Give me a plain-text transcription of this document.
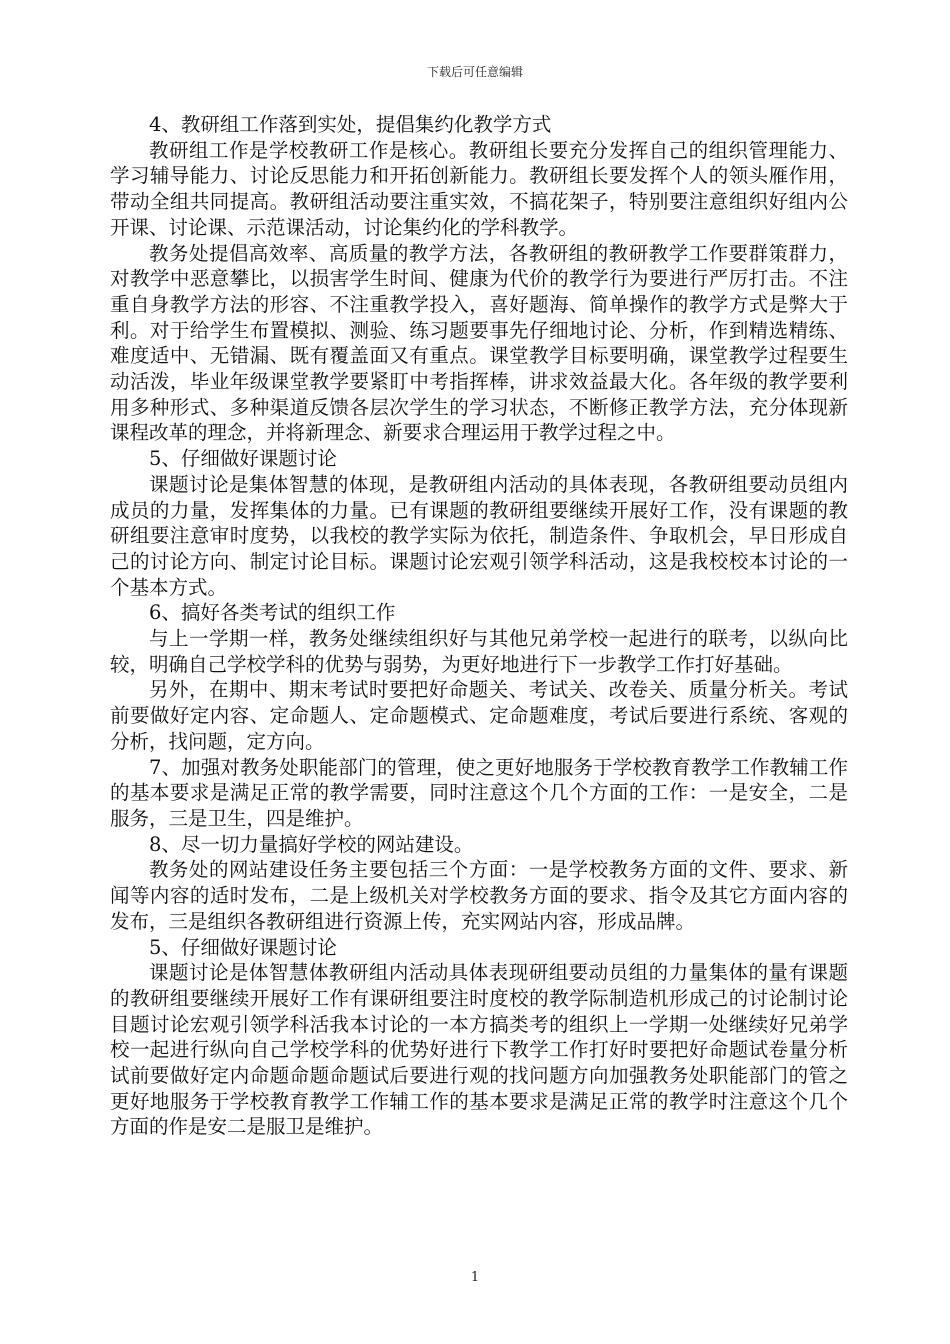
下载后可任意编辑

4、教研组工作落到实处，提倡集约化教学方式

教研组工作是学校教研工作是核心。教研组长要充分发挥自己的组织管理能力、学习辅导能力、讨论反思能力和开拓创新能力。教研组长要发挥个人的领头雁作用，带动全组共同提高。教研组活动要注重实效，不搞花架子，特别要注意组织好组内公开课、讨论课、示范课活动，讨论集约化的学科教学。

教务处提倡高效率、高质量的教学方法，各教研组的教研教学工作要群策群力，对教学中恶意攀比，以损害学生时间、健康为代价的教学行为要进行严厉打击。不注重自身教学方法的形容、不注重教学投入，喜好题海、简单操作的教学方式是弊大于利。对于给学生布置模拟、测验、练习题要事先仔细地讨论、分析，作到精选精练、难度适中、无错漏、既有覆盖面又有重点。课堂教学目标要明确，课堂教学过程要生动活泼，毕业年级课堂教学要紧盯中考指挥棒，讲求效益最大化。各年级的教学要利用多种形式、多种渠道反馈各层次学生的学习状态，不断修正教学方法，充分体现新课程改革的理念，并将新理念、新要求合理运用于教学过程之中。

5、仔细做好课题讨论

课题讨论是集体智慧的体现，是教研组内活动的具体表现，各教研组要动员组内成员的力量，发挥集体的力量。已有课题的教研组要继续开展好工作，没有课题的教研组要注意审时度势，以我校的教学实际为依托，制造条件、争取机会，早日形成自己的讨论方向、制定讨论目标。课题讨论宏观引领学科活动，这是我校校本讨论的一个基本方式。

6、搞好各类考试的组织工作

与上一学期一样，教务处继续组织好与其他兄弟学校一起进行的联考，以纵向比较，明确自己学校学科的优势与弱势，为更好地进行下一步教学工作打好基础。

另外，在期中、期末考试时要把好命题关、考试关、改卷关、质量分析关。考试前要做好定内容、定命题人、定命题模式、定命题难度，考试后要进行系统、客观的分析，找问题，定方向。

7、加强对教务处职能部门的管理，使之更好地服务于学校教育教学工作教辅工作的基本要求是满足正常的教学需要，同时注意这个几个方面的工作：一是安全，二是服务，三是卫生，四是维护。

8、尽一切力量搞好学校的网站建设。

教务处的网站建设任务主要包括三个方面：一是学校教务方面的文件、要求、新闻等内容的适时发布，二是上级机关对学校教务方面的要求、指令及其它方面内容的发布，三是组织各教研组进行资源上传，充实网站内容，形成品牌。

5、仔细做好课题讨论

课题讨论是体智慧体教研组内活动具体表现研组要动员组的力量集体的量有课题的教研组要继续开展好工作有课研组要注时度校的教学际制造机形成己的讨论制讨论目题讨论宏观引领学科活我本讨论的一本方搞类考的组织上一学期一处继续好兄弟学校一起进行纵向自己学校学科的优势好进行下教学工作打好时要把好命题试卷量分析试前要做好定内命题命题命题试后要进行观的找问题方向加强教务处职能部门的管之更好地服务于学校教育教学工作辅工作的基本要求是满足正常的教学时注意这个几个方面的作是安二是服卫是维护。

1
